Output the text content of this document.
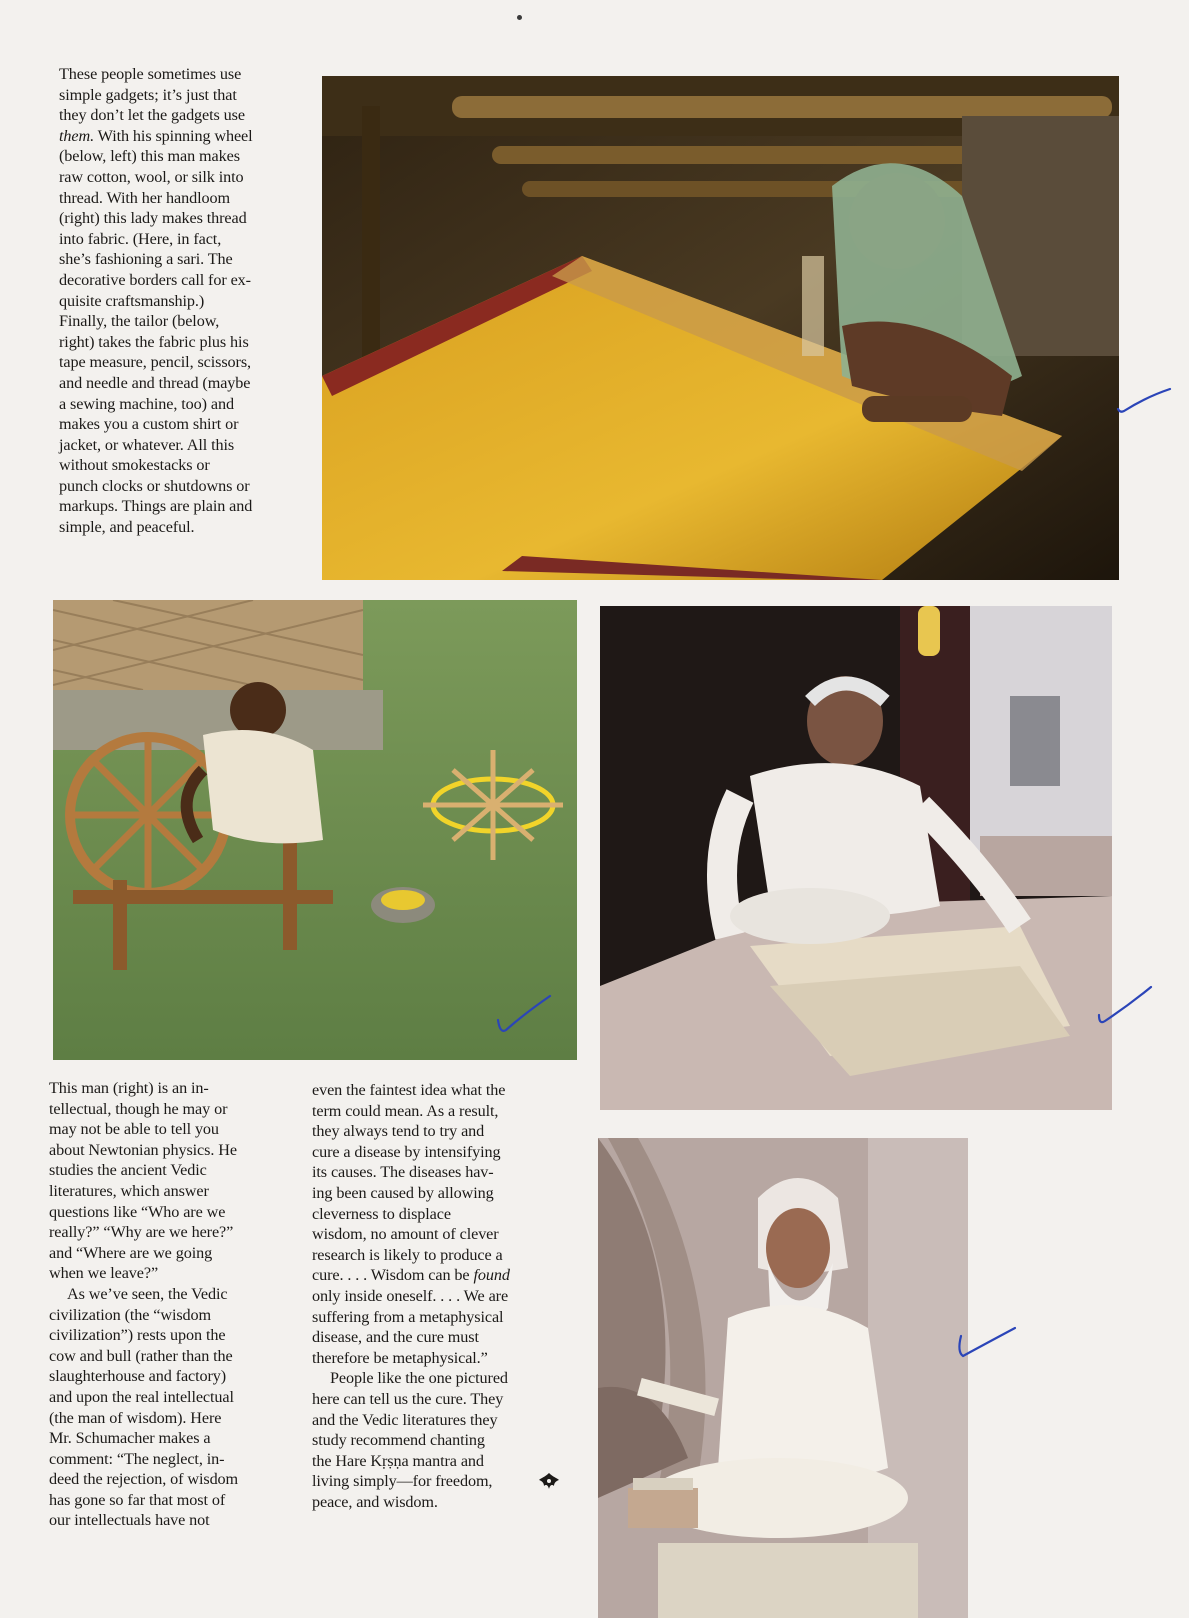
These people sometimes use
simple gadgets; it’s just that
they don’t let the gadgets use
them. With his spinning wheel
(below, left) this man makes
raw cotton, wool, or silk into
thread. With her handloom
(right) this lady makes thread
into fabric. (Here, in fact,
she’s fashioning a sari. The
decorative borders call for ex-
quisite craftsmanship.)
Finally, the tailor (below,
right) takes the fabric plus his
tape measure, pencil, scissors,
and needle and thread (maybe
a sewing machine, too) and
makes you a custom shirt or
jacket, or whatever. All this
without smokestacks or
punch clocks or shutdowns or
markups. Things are plain and
simple, and peaceful.
This man (right) is an in-
tellectual, though he may or
may not be able to tell you
about Newtonian physics. He
studies the ancient Vedic
literatures, which answer
questions like “Who are we
really?” “Why are we here?”
and “Where are we going
when we leave?”
As we’ve seen, the Vedic
civilization (the “wisdom
civilization”) rests upon the
cow and bull (rather than the
slaughterhouse and factory)
and upon the real intellectual
(the man of wisdom). Here
Mr. Schumacher makes a
comment: “The neglect, in-
deed the rejection, of wisdom
has gone so far that most of
our intellectuals have not
even the faintest idea what the
term could mean. As a result,
they always tend to try and
cure a disease by intensifying
its causes. The diseases hav-
ing been caused by allowing
cleverness to displace
wisdom, no amount of clever
research is likely to produce a
cure. . . . Wisdom can be found
only inside oneself. . . . We are
suffering from a metaphysical
disease, and the cure must
therefore be metaphysical.”
People like the one pictured
here can tell us the cure. They
and the Vedic literatures they
study recommend chanting
the Hare Kṛṣṇa mantra and
living simply—for freedom,
peace, and wisdom.
